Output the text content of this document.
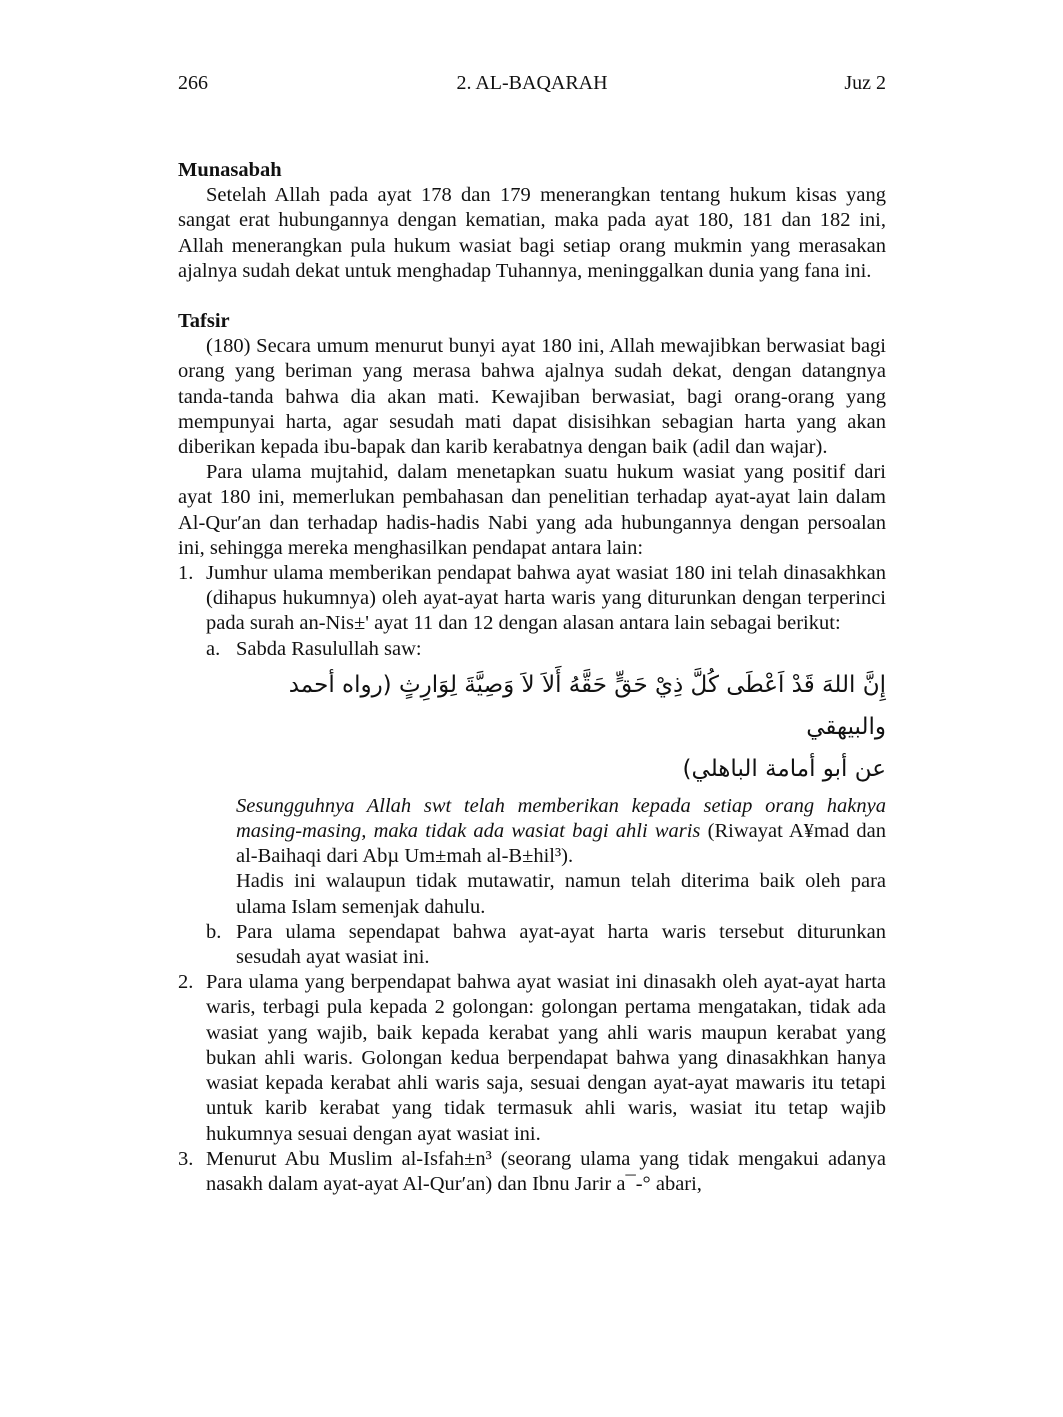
266	2. AL-BAQARAH	Juz 2
Munasabah

Setelah Allah pada ayat 178 dan 179 menerangkan tentang hukum kisas yang sangat erat hubungannya dengan kematian, maka pada ayat 180, 181 dan 182 ini, Allah menerangkan pula hukum wasiat bagi setiap orang mukmin yang merasakan ajalnya sudah dekat untuk menghadap Tuhannya, meninggalkan dunia yang fana ini.

Tafsir

(180) Secara umum menurut bunyi ayat 180 ini, Allah mewajibkan berwasiat bagi orang yang beriman yang merasa bahwa ajalnya sudah dekat, dengan datangnya tanda-tanda bahwa dia akan mati. Kewajiban berwasiat, bagi orang-orang yang mempunyai harta, agar sesudah mati dapat disisihkan sebagian harta yang akan diberikan kepada ibu-bapak dan karib kerabatnya dengan baik (adil dan wajar).

Para ulama mujtahid, dalam menetapkan suatu hukum wasiat yang positif dari ayat 180 ini, memerlukan pembahasan dan penelitian terhadap ayat-ayat lain dalam Al-Qur′an dan terhadap hadis-hadis Nabi yang ada hubungannya dengan persoalan ini, sehingga mereka menghasilkan pendapat antara lain:

1. Jumhur ulama memberikan pendapat bahwa ayat wasiat 180 ini telah dinasakhkan (dihapus hukumnya) oleh ayat-ayat harta waris yang diturunkan dengan terperinci pada surah an-Nis±' ayat 11 dan 12 dengan alasan antara lain sebagai berikut:
a. Sabda Rasulullah saw:
إِنَّ اللهَ قَدْ اَعْطَى كُلَّ ذِيْ حَقٍّ حَقَّهُ أَلاَ لاَ وَصِيَّةَ لِوَارِثٍ (رواه أحمد والبيهقي
عن أبو أمامة الباهلي)

Sesungguhnya Allah swt telah memberikan kepada setiap orang haknya masing-masing, maka tidak ada wasiat bagi ahli waris (Riwayat A¥mad dan al-Baihaqi dari Abµ Um±mah al-B±hil³).

Hadis ini walaupun tidak mutawatir, namun telah diterima baik oleh para ulama Islam semenjak dahulu.

b. Para ulama sependapat bahwa ayat-ayat harta waris tersebut diturunkan sesudah ayat wasiat ini.
2. Para ulama yang berpendapat bahwa ayat wasiat ini dinasakh oleh ayat-ayat harta waris, terbagi pula kepada 2 golongan: golongan pertama mengatakan, tidak ada wasiat yang wajib, baik kepada kerabat yang ahli waris maupun kerabat yang bukan ahli waris. Golongan kedua berpendapat bahwa yang dinasakhkan hanya wasiat kepada kerabat ahli waris saja, sesuai dengan ayat-ayat mawaris itu tetapi untuk karib kerabat yang tidak termasuk ahli waris, wasiat itu tetap wajib hukumnya sesuai dengan ayat wasiat ini.
3. Menurut Abu Muslim al-Isfah±n³ (seorang ulama yang tidak mengakui adanya nasakh dalam ayat-ayat Al-Qur′an) dan Ibnu Jarir a¯-° abari,
